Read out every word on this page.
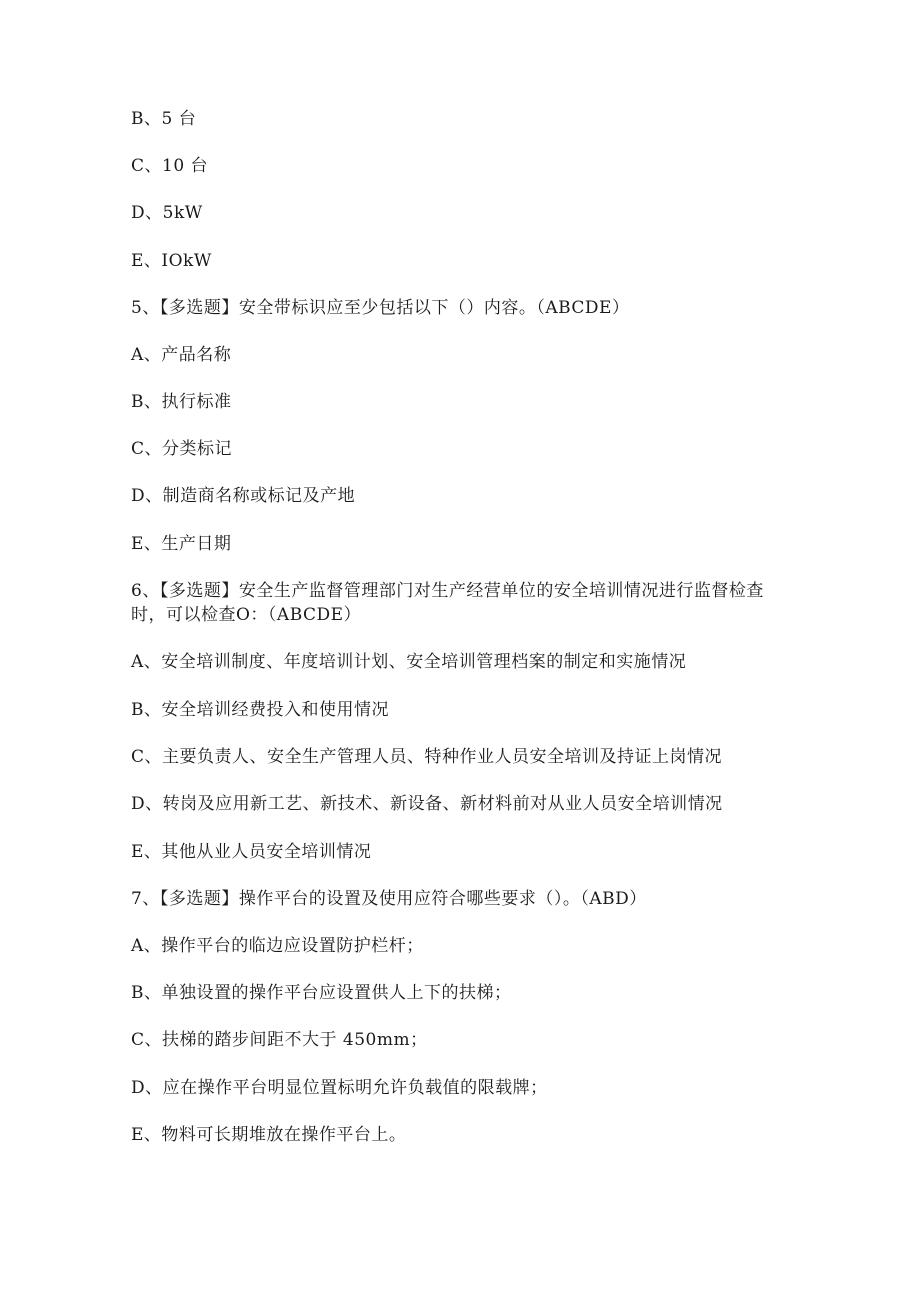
B、5 台
C、10 台
D、5kW
E、IOkW
5、【多选题】安全带标识应至少包括以下（）内容。（ABCDE）
A、产品名称
B、执行标准
C、分类标记
D、制造商名称或标记及产地
E、生产日期
6、【多选题】安全生产监督管理部门对生产经营单位的安全培训情况进行监督检查时，可以检查O：（ABCDE）
A、安全培训制度、年度培训计划、安全培训管理档案的制定和实施情况
B、安全培训经费投入和使用情况
C、主要负责人、安全生产管理人员、特种作业人员安全培训及持证上岗情况
D、转岗及应用新工艺、新技术、新设备、新材料前对从业人员安全培训情况
E、其他从业人员安全培训情况
7、【多选题】操作平台的设置及使用应符合哪些要求（）。（ABD）
A、操作平台的临边应设置防护栏杆；
B、单独设置的操作平台应设置供人上下的扶梯；
C、扶梯的踏步间距不大于 450mm；
D、应在操作平台明显位置标明允许负载值的限载牌；
E、物料可长期堆放在操作平台上。
